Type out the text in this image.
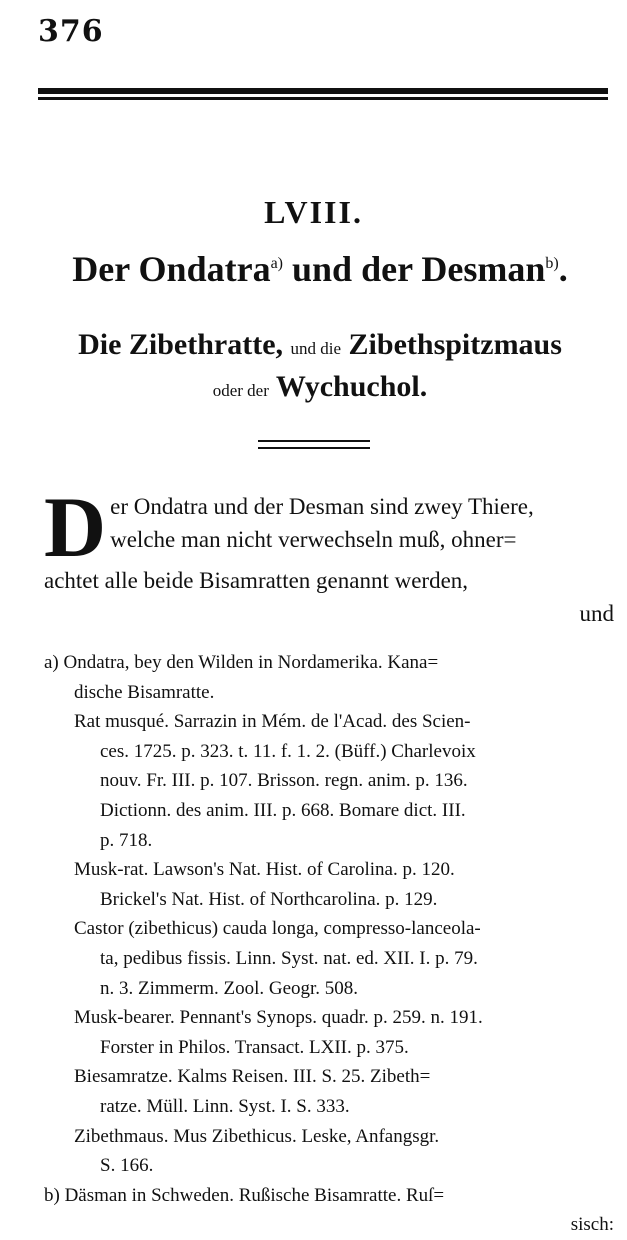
376
LVIII.
Der Ondatra$^{a)}$ und der Desman$^{b)}$.
Die Zibethratte, und die Zibethspitzmaus
oder der Wychuchol.
D er Ondatra und der Desman sind zwey Thiere,
welche man nicht verwechseln muß, ohner=
achtet alle beide Bisamratten genannt werden,
und
a) Ondatra, bey den Wilden in Nordamerika. Kana=
dische Bisamratte.
Rat musqué. Sarrazin in Mém. de l'Acad. des Scien-
ces. 1725. p. 323. t. 11. f. 1. 2. (Büff.) Charlevoix
nouv. Fr. III. p. 107. Brisson. regn. anim. p. 136.
Dictionn. des anim. III. p. 668. Bomare dict. III.
p. 718.
Musk-rat. Lawson's Nat. Hist. of Carolina. p. 120.
Brickel's Nat. Hist. of Northcarolina. p. 129.
Castor (zibethicus) cauda longa, compresso-lanceola-
ta, pedibus fissis. Linn. Syst. nat. ed. XII. I. p. 79.
n. 3. Zimmerm. Zool. Geogr. 508.
Musk-bearer. Pennant's Synops. quadr. p. 259. n. 191.
Forster in Philos. Transact. LXII. p. 375.
Biesamratze. Kalms Reisen. III. S. 25. Zibeth=
ratze. Müll. Linn. Syst. I. S. 333.
Zibethmaus. Mus Zibethicus. Leske, Anfangsgr.
S. 166.
b) Däsman in Schweden. Rußische Bisamratte. Ruſ=
sisch:
